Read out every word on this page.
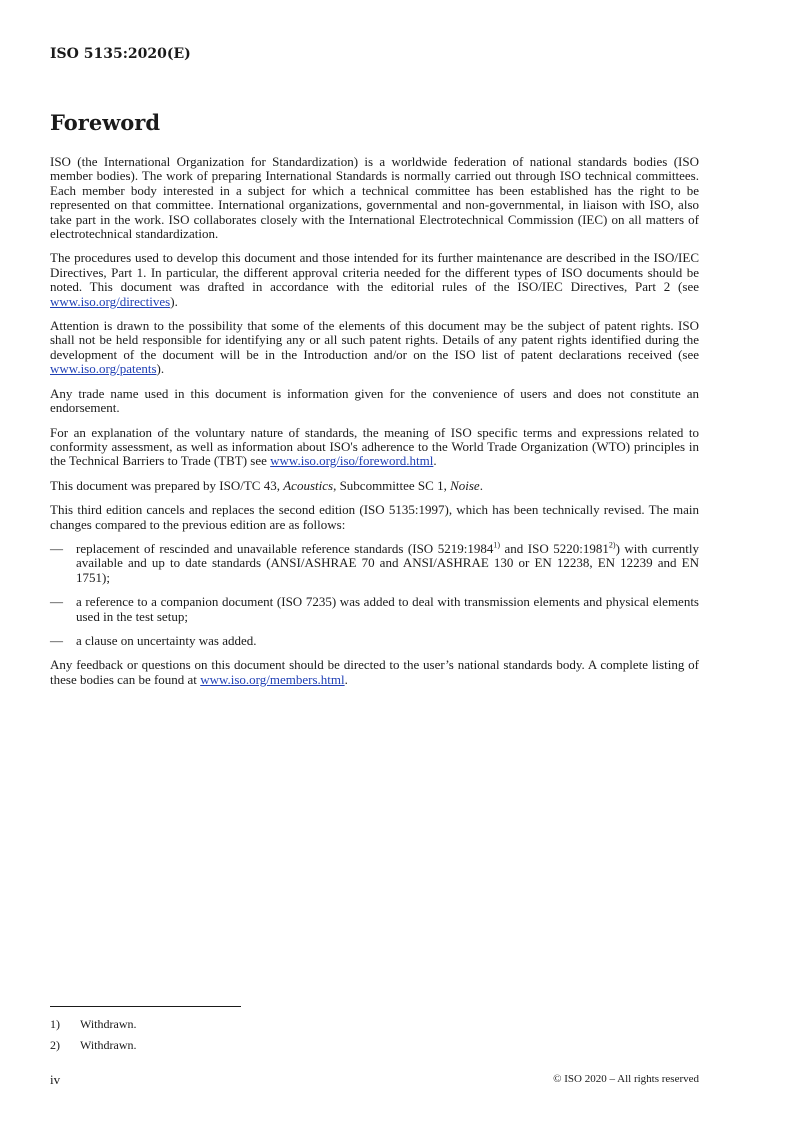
ISO 5135:2020(E)
Foreword

ISO (the International Organization for Standardization) is a worldwide federation of national standards bodies (ISO member bodies). The work of preparing International Standards is normally carried out through ISO technical committees. Each member body interested in a subject for which a technical committee has been established has the right to be represented on that committee. International organizations, governmental and non-governmental, in liaison with ISO, also take part in the work. ISO collaborates closely with the International Electrotechnical Commission (IEC) on all matters of electrotechnical standardization.

The procedures used to develop this document and those intended for its further maintenance are described in the ISO/IEC Directives, Part 1. In particular, the different approval criteria needed for the different types of ISO documents should be noted. This document was drafted in accordance with the editorial rules of the ISO/IEC Directives, Part 2 (see www.iso.org/directives).

Attention is drawn to the possibility that some of the elements of this document may be the subject of patent rights. ISO shall not be held responsible for identifying any or all such patent rights. Details of any patent rights identified during the development of the document will be in the Introduction and/or on the ISO list of patent declarations received (see www.iso.org/patents).

Any trade name used in this document is information given for the convenience of users and does not constitute an endorsement.

For an explanation of the voluntary nature of standards, the meaning of ISO specific terms and expressions related to conformity assessment, as well as information about ISO's adherence to the World Trade Organization (WTO) principles in the Technical Barriers to Trade (TBT) see www.iso.org/iso/foreword.html.

This document was prepared by ISO/TC 43, Acoustics, Subcommittee SC 1, Noise.

This third edition cancels and replaces the second edition (ISO 5135:1997), which has been technically revised. The main changes compared to the previous edition are as follows:

— replacement of rescinded and unavailable reference standards (ISO 5219:1984$^{1)}$ and ISO 5220:1981$^{2)}$) with currently available and up to date standards (ANSI/ASHRAE 70 and ANSI/ASHRAE 130 or EN 12238, EN 12239 and EN 1751);
— a reference to a companion document (ISO 7235) was added to deal with transmission elements and physical elements used in the test setup;
— a clause on uncertainty was added.

Any feedback or questions on this document should be directed to the user’s national standards body. A complete listing of these bodies can be found at www.iso.org/members.html.

1) Withdrawn.
2) Withdrawn.
iv	© ISO 2020 – All rights reserved
